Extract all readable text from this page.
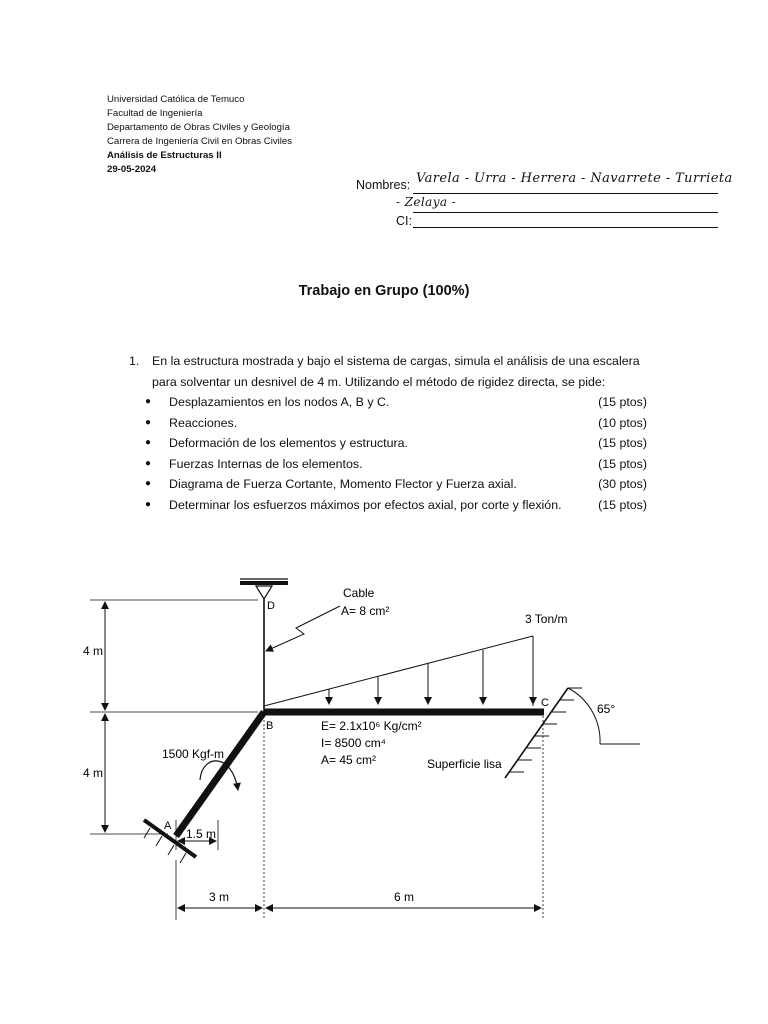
Universidad Católica de Temuco
Facultad de Ingeniería
Departamento de Obras Civiles y Geología
Carrera de Ingeniería Civil en Obras Civiles
Análisis de Estructuras II
29-05-2024
Nombres: Varela - Urra - Herrera - Navarrete - Turrieta
- Zelaya -
CI:
Trabajo en Grupo (100%)
1. En la estructura mostrada y bajo el sistema de cargas, simula el análisis de una escalera para solventar un desnivel de 4 m. Utilizando el método de rigidez directa, se pide:
● Desplazamientos en los nodos A, B y C.	(15 ptos)
● Reacciones.	(10 ptos)
● Deformación de los elementos y estructura.	(15 ptos)
● Fuerzas Internas de los elementos.	(15 ptos)
● Diagrama de Fuerza Cortante, Momento Flector y Fuerza axial.	(30 ptos)
● Determinar los esfuerzos máximos por efectos axial, por corte y flexión.	(15 ptos)
Cable
A= 8 cm²
3 Ton/m
D
B
C
A
65°
E= 2.1x10⁶ Kg/cm²
I= 8500 cm⁴
A= 45 cm²
1500 Kgf-m
Superficie lisa
4 m
4 m
1.5 m
3 m	6 m
